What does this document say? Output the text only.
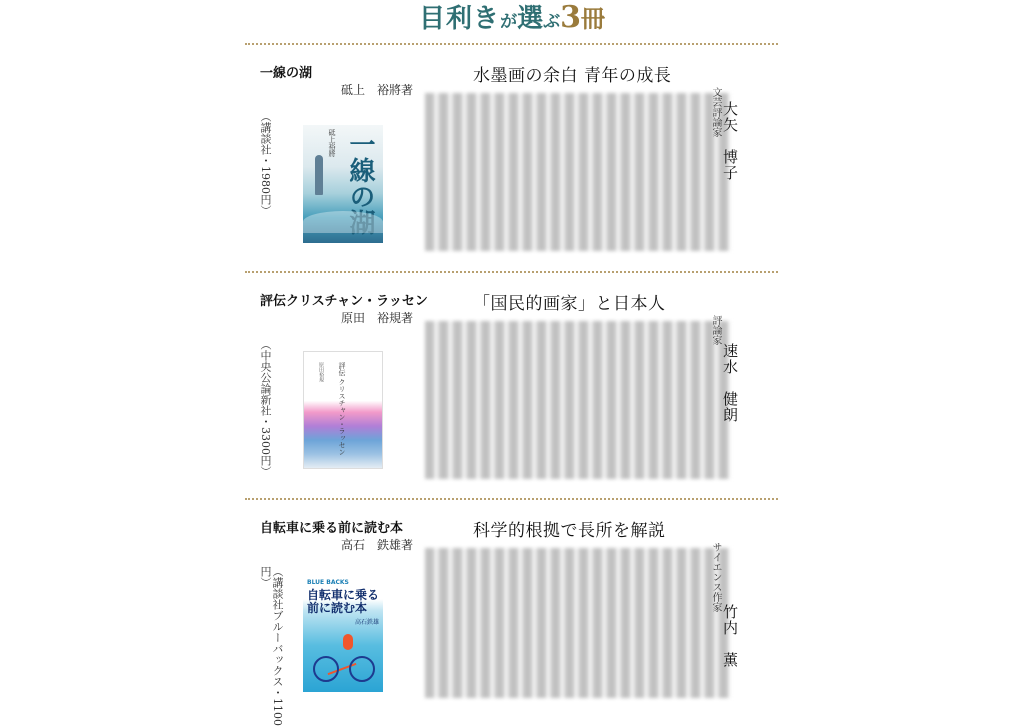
目利きが選ぶ3冊
一線の湖
砥上　裕將著
（講談社・1980円）	砥上裕將 一線の湖
水墨画の余白 青年の成長
文芸評論家 大矢　博子
評伝クリスチャン・ラッセン
原田　裕規著
（中央公論新社・3300円）	原田裕規 評伝 クリスチャン・ラッセン
「国民的画家」と日本人
評論家
速水　健朗
自転車に乗る前に読む本
高石　鉄雄著
（講談社ブルーバックス・1100円）	BLUE BACKS
自転車に乗る前に読む本
高石鉄雄
科学的根拠で長所を解説
サイエンス作家
竹内　薫
